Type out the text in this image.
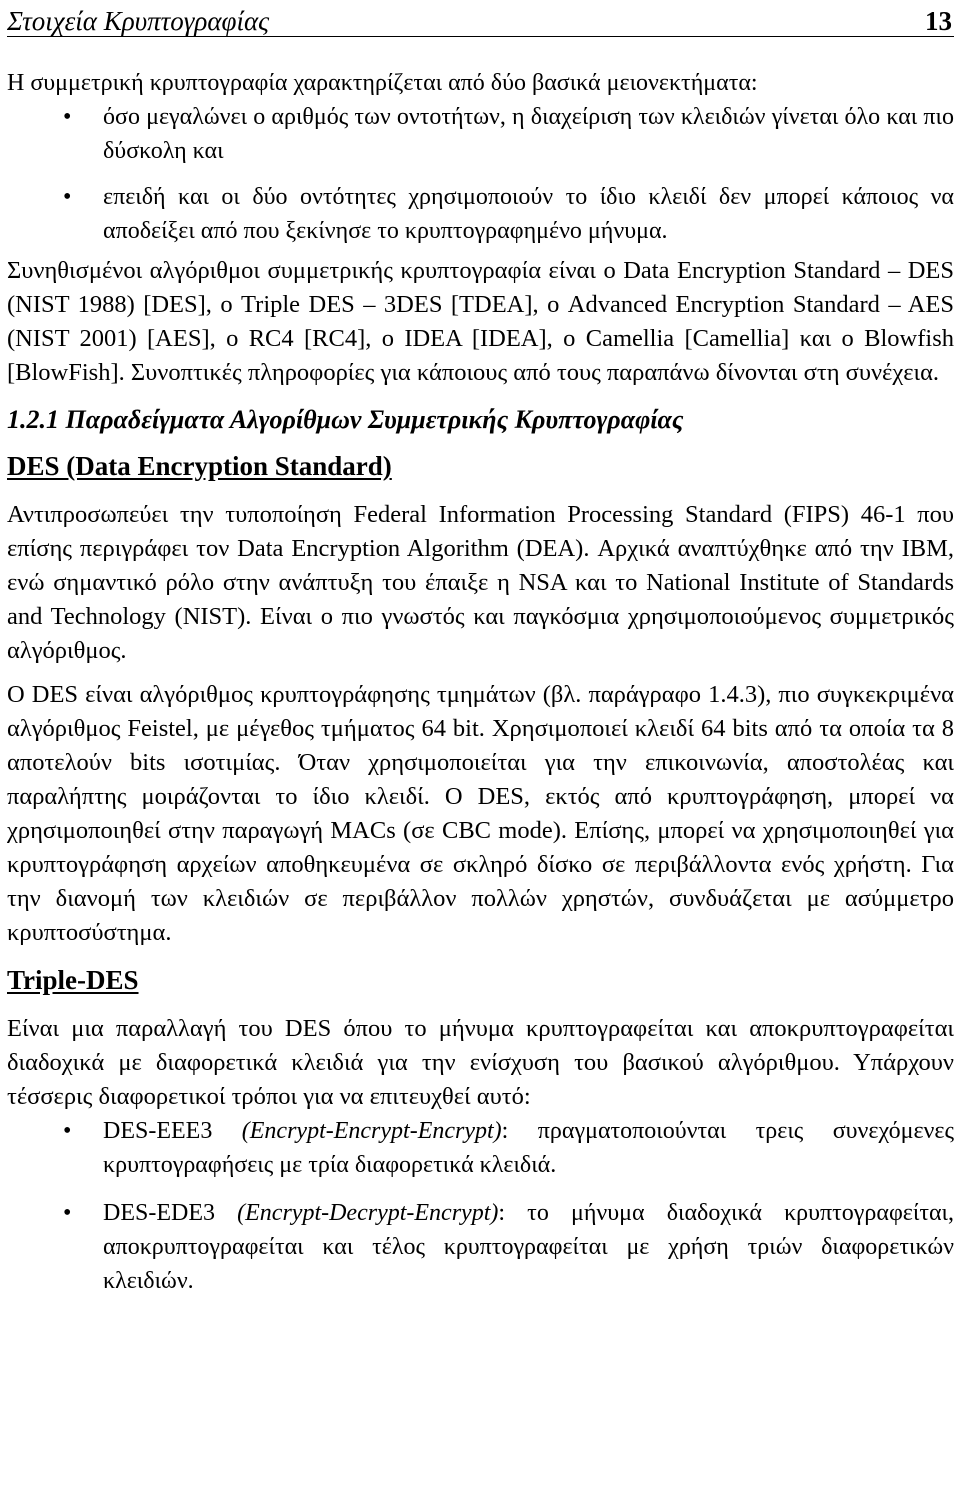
Στοιχεία Κρυπτογραφίας	13

Η συμμετρική κρυπτογραφία χαρακτηρίζεται από δύο βασικά μειονεκτήματα:

• όσο μεγαλώνει ο αριθμός των οντοτήτων, η διαχείριση των κλειδιών γίνεται όλο και πιο δύσκολη και
• επειδή και οι δύο οντότητες χρησιμοποιούν το ίδιο κλειδί δεν μπορεί κάποιος να αποδείξει από που ξεκίνησε το κρυπτογραφημένο μήνυμα.

Συνηθισμένοι αλγόριθμοι συμμετρικής κρυπτογραφία είναι ο Data Encryption Standard – DES (NIST 1988) [DES], ο Triple DES – 3DES [TDEA], ο Advanced Encryption Standard – AES (NIST 2001) [AES], ο RC4 [RC4], ο IDEA [IDEA], ο Camellia [Camellia] και ο Blowfish [BlowFish]. Συνοπτικές πληροφορίες για κάποιους από τους παραπάνω δίνονται στη συνέχεια.

1.2.1 Παραδείγματα Αλγορίθμων Συμμετρικής Κρυπτογραφίας
DES (Data Encryption Standard)

Αντιπροσωπεύει την τυποποίηση Federal Information Processing Standard (FIPS) 46-1 που επίσης περιγράφει τον Data Encryption Algorithm (DEA). Αρχικά αναπτύχθηκε από την IBM, ενώ σημαντικό ρόλο στην ανάπτυξη του έπαιξε η NSA και το National Institute of Standards and Technology (NIST). Είναι ο πιο γνωστός και παγκόσμια χρησιμοποιούμενος συμμετρικός αλγόριθμος.

Ο DES είναι αλγόριθμος κρυπτογράφησης τμημάτων (βλ. παράγραφο 1.4.3), πιο συγκεκριμένα αλγόριθμος Feistel, με μέγεθος τμήματος 64 bit. Χρησιμοποιεί κλειδί 64 bits από τα οποία τα 8 αποτελούν bits ισοτιμίας. Όταν χρησιμοποιείται για την επικοινωνία, αποστολέας και παραλήπτης μοιράζονται το ίδιο κλειδί. Ο DES, εκτός από κρυπτογράφηση, μπορεί να χρησιμοποιηθεί στην παραγωγή MACs (σε CBC mode). Επίσης, μπορεί να χρησιμοποιηθεί για κρυπτογράφηση αρχείων αποθηκευμένα σε σκληρό δίσκο σε περιβάλλοντα ενός χρήστη. Για την διανομή των κλειδιών σε περιβάλλον πολλών χρηστών, συνδυάζεται με ασύμμετρο κρυπτοσύστημα.

Triple-DES

Είναι μια παραλλαγή του DES όπου το μήνυμα κρυπτογραφείται και αποκρυπτογραφείται διαδοχικά με διαφορετικά κλειδιά για την ενίσχυση του βασικού αλγόριθμου. Υπάρχουν τέσσερις διαφορετικοί τρόποι για να επιτευχθεί αυτό:

• DES-EEE3 (Encrypt-Encrypt-Encrypt): πραγματοποιούνται τρεις συνεχόμενες κρυπτογραφήσεις με τρία διαφορετικά κλειδιά.
• DES-EDE3 (Encrypt-Decrypt-Encrypt): το μήνυμα διαδοχικά κρυπτογραφείται, αποκρυπτογραφείται και τέλος κρυπτογραφείται με χρήση τριών διαφορετικών κλειδιών.
